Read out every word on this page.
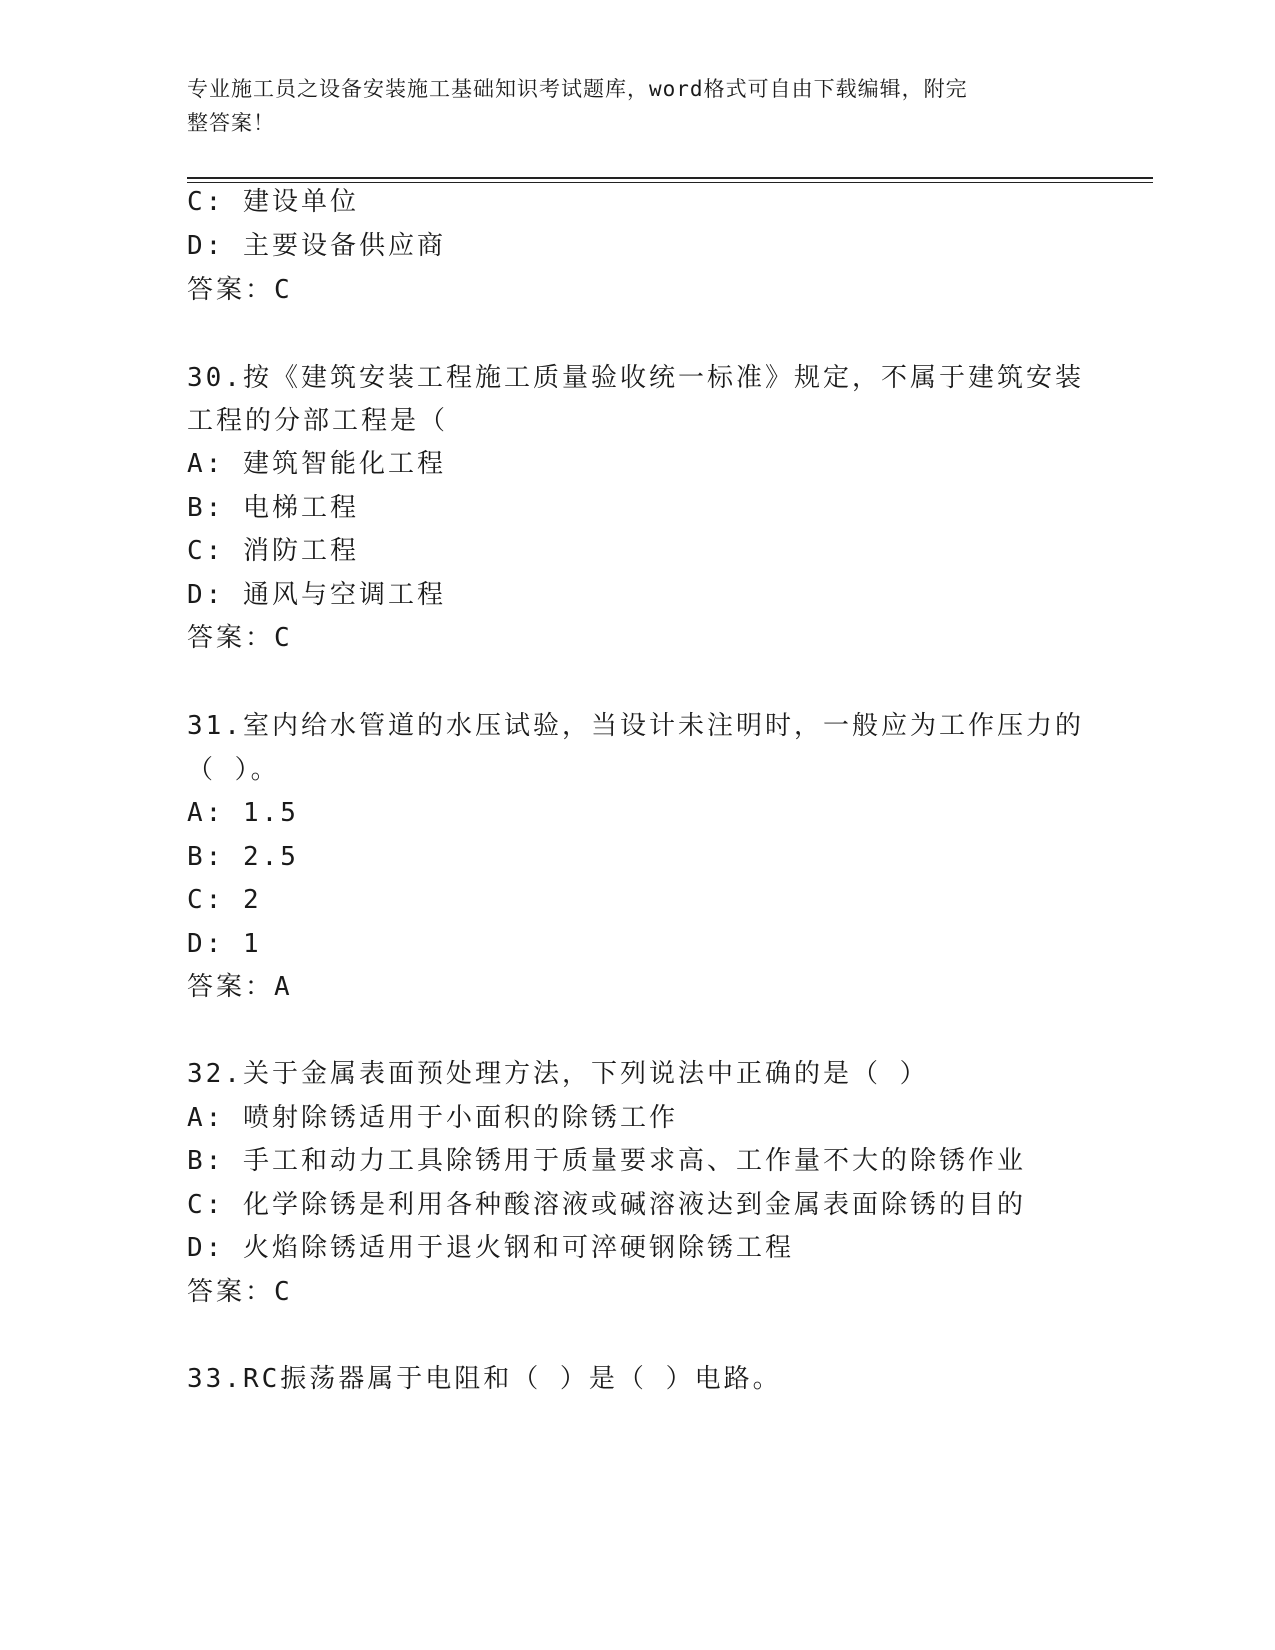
专业施工员之设备安装施工基础知识考试题库，word格式可自由下载编辑，附完
整答案！
C: 建设单位
D: 主要设备供应商
答案：C
30.按《建筑安装工程施工质量验收统一标准》规定，不属于建筑安装
工程的分部工程是（
A: 建筑智能化工程
B: 电梯工程
C: 消防工程
D: 通风与空调工程
答案：C
31.室内给水管道的水压试验，当设计未注明时，一般应为工作压力的
（ ）。
A: 1.5
B: 2.5
C: 2
D: 1
答案：A
32.关于金属表面预处理方法，下列说法中正确的是（ ）
A: 喷射除锈适用于小面积的除锈工作
B: 手工和动力工具除锈用于质量要求高、工作量不大的除锈作业
C: 化学除锈是利用各种酸溶液或碱溶液达到金属表面除锈的目的
D: 火焰除锈适用于退火钢和可淬硬钢除锈工程
答案：C
33.RC振荡器属于电阻和（ ）是（ ）电路。
